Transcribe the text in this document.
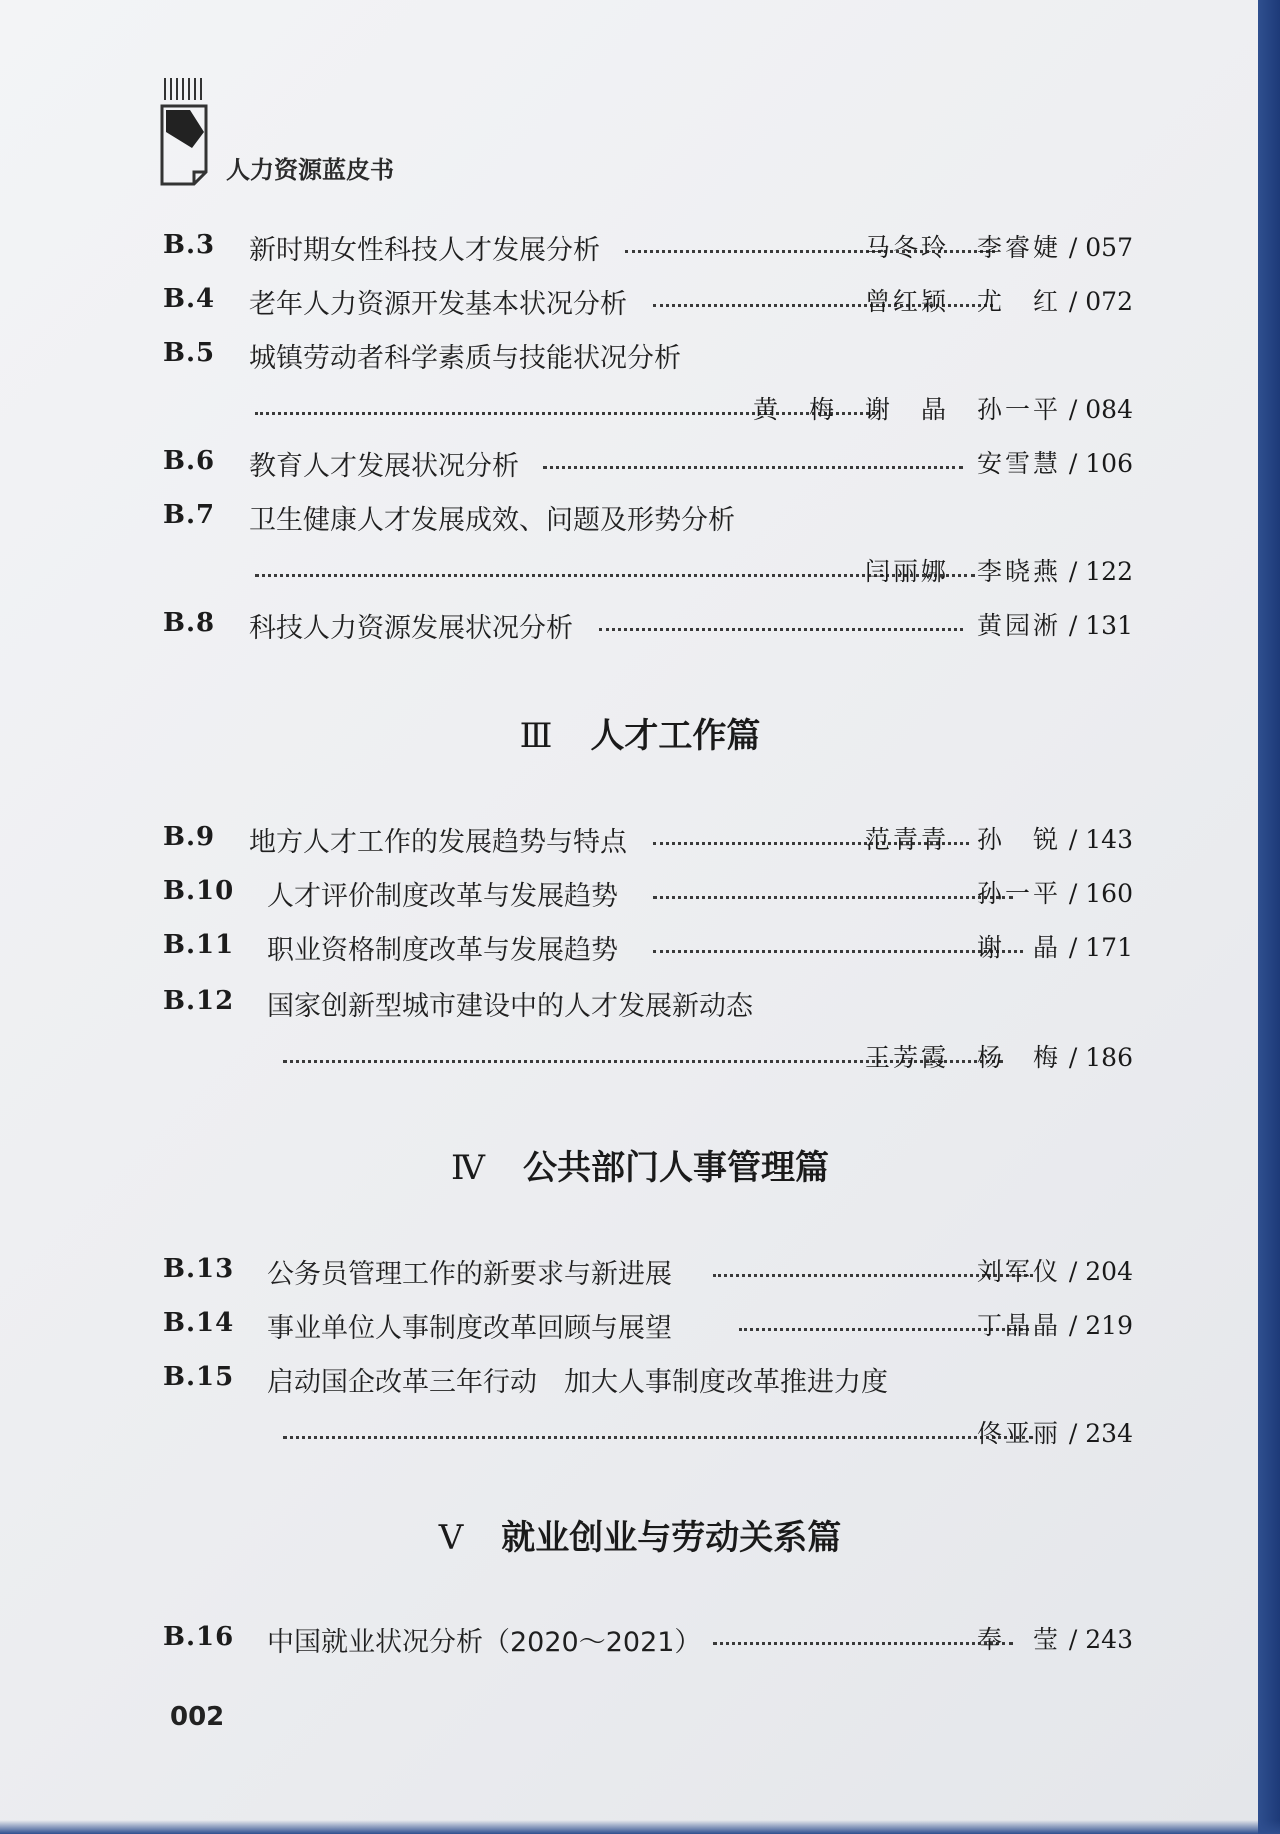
人力资源蓝皮书
B.3 新时期女性科技人才发展分析	马冬玲　李睿婕 / 057
B.4 老年人力资源开发基本状况分析	曾红颖　尤　红 / 072
B.5 城镇劳动者科学素质与技能状况分析
黄　梅　谢　晶　孙一平 / 084
B.6 教育人才发展状况分析	安雪慧 / 106
B.7 卫生健康人才发展成效、问题及形势分析
闫丽娜　李晓燕 / 122
B.8 科技人力资源发展状况分析	黄园淅 / 131
Ⅲ 人才工作篇
B.9 地方人才工作的发展趋势与特点	范青青　孙　锐 / 143
B.10 人才评价制度改革与发展趋势	孙一平 / 160
B.11 职业资格制度改革与发展趋势	谢　晶 / 171
B.12 国家创新型城市建设中的人才发展新动态
王芳霞　杨　梅 / 186
Ⅳ 公共部门人事管理篇
B.13 公务员管理工作的新要求与新进展	刘军仪 / 204
B.14 事业单位人事制度改革回顾与展望	丁晶晶 / 219
B.15 启动国企改革三年行动　加大人事制度改革推进力度
佟亚丽 / 234
Ⅴ 就业创业与劳动关系篇
B.16 中国就业状况分析（2020～2021）	奉　莹 / 243
002
